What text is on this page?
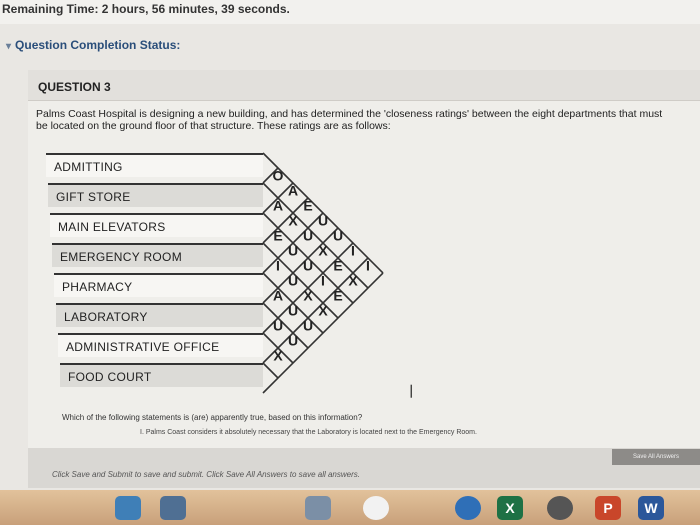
Remaining Time: 2 hours, 56 minutes, 39 seconds.
▾ Question Completion Status:
QUESTION 3
Palms Coast Hospital is designing a new building, and has determined the 'closeness ratings' between the eight departments that must
be located on the ground floor of that structure. These ratings are as follows:
ADMITTING
GIFT STORE
MAIN ELEVATORS
EMERGENCY ROOM
PHARMACY
LABORATORY
ADMINISTRATIVE OFFICE
FOOD COURT
O
A
E
U
U
I
I
A
X
U
X
E
X
E
U
U
I
E
I
U
X
X
A
U
U
U
U
X
ᛁ
Which of the following statements is (are) apparently true, based on this information?
I. Palms Coast considers it absolutely necessary that the Laboratory is located next to the Emergency Room.
Click Save and Submit to save and submit. Click Save All Answers to save all answers.
Save All Answers
X	P	W
